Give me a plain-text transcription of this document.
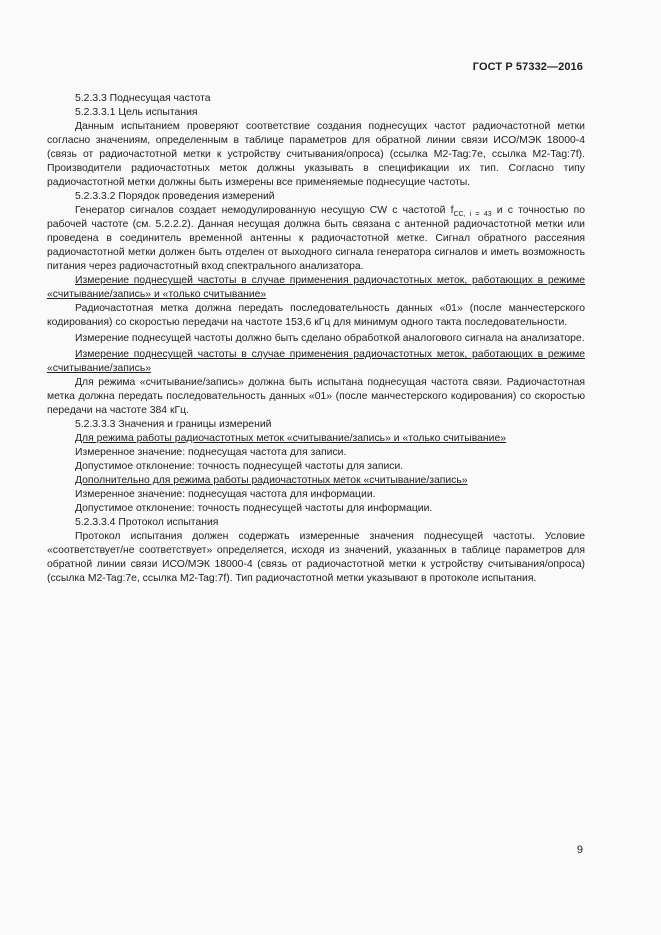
ГОСТ Р 57332—2016

5.2.3.3 Поднесущая частота

5.2.3.3.1 Цель испытания

Данным испытанием проверяют соответствие создания поднесущих частот радиочастотной метки согласно значениям, определенным в таблице параметров для обратной линии связи ИСО/МЭК 18000-4 (связь от радиочастотной метки к устройству считывания/опроса) (ссылка M2-Tag:7е, ссылка M2-Tag:7f). Производители радиочастотных меток должны указывать в спецификации их тип. Согласно типу радиочастотной метки должны быть измерены все применяемые поднесущие частоты.

5.2.3.3.2 Порядок проведения измерений

Генератор сигналов создает немодулированную несущую CW с частотой $f_{CC, i = 43}$ и с точностью по рабочей частоте (см. 5.2.2.2). Данная несущая должна быть связана с антенной радиочастотной метки или проведена в соединитель временной антенны к радиочастотной метке. Сигнал обратного рассеяния радиочастотной метки должен быть отделен от выходного сигнала генератора сигналов и иметь возможность питания через радиочастотный вход спектрального анализатора.

Измерение поднесущей частоты в случае применения радиочастотных меток, работающих в режиме «считывание/запись» и «только считывание»

Радиочастотная метка должна передать последовательность данных «01» (после манчестерского кодирования) со скоростью передачи на частоте 153,6 кГц для минимум одного такта последовательности.

Измерение поднесущей частоты должно быть сделано обработкой аналогового сигнала на анализаторе.

Измерение поднесущей частоты в случае применения радиочастотных меток, работающих в режиме «считывание/запись»

Для режима «считывание/запись» должна быть испытана поднесущая частота связи. Радиочастотная метка должна передать последовательность данных «01» (после манчестерского кодирования) со скоростью передачи на частоте 384 кГц.

5.2.3.3.3 Значения и границы измерений

Для режима работы радиочастотных меток «считывание/запись» и «только считывание»

Измеренное значение: поднесущая частота для записи.

Допустимое отклонение: точность поднесущей частоты для записи.

Дополнительно для режима работы радиочастотных меток «считывание/запись»

Измеренное значение: поднесущая частота для информации.

Допустимое отклонение: точность поднесущей частоты для информации.

5.2.3.3.4 Протокол испытания

Протокол испытания должен содержать измеренные значения поднесущей частоты. Условие «соответствует/не соответствует» определяется, исходя из значений, указанных в таблице параметров для обратной линии связи ИСО/МЭК 18000-4 (связь от радиочастотной метки к устройству считывания/опроса) (ссылка M2-Tag:7е, ссылка M2-Tag:7f). Тип радиочастотной метки указывают в протоколе испытания.

9
